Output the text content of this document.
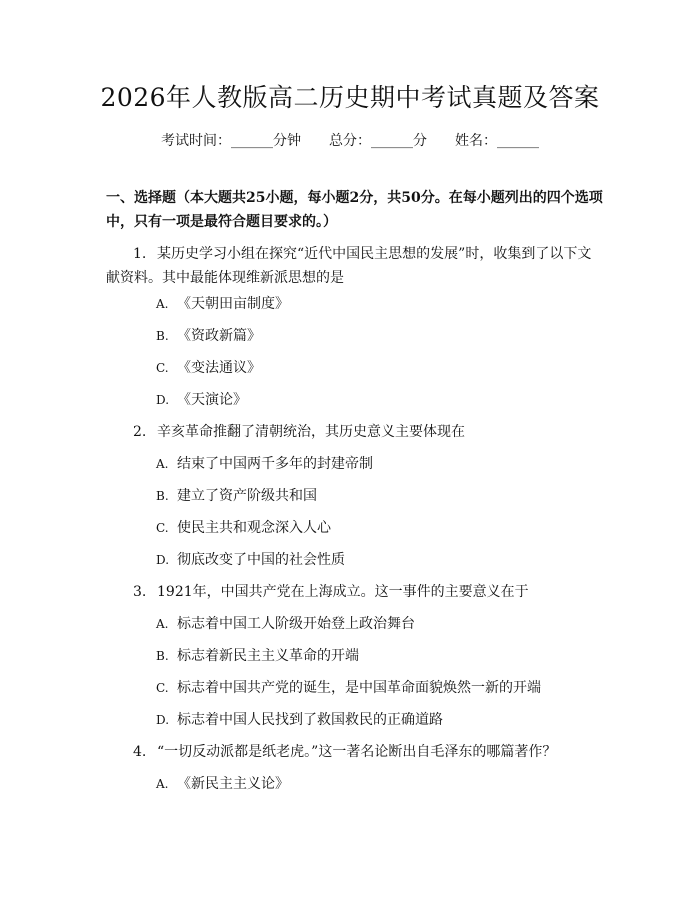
2026年人教版高二历史期中考试真题及答案
考试时间：______分钟 总分：______分 姓名：______
一、选择题（本大题共25小题，每小题2分，共50分。在每小题列出的四个选项中，只有一项是最符合题目要求的。）
1. 某历史学习小组在探究“近代中国民主思想的发展”时，收集到了以下文献资料。其中最能体现维新派思想的是
A. 《天朝田亩制度》
B. 《资政新篇》
C. 《变法通议》
D. 《天演论》
2. 辛亥革命推翻了清朝统治，其历史意义主要体现在
A. 结束了中国两千多年的封建帝制
B. 建立了资产阶级共和国
C. 使民主共和观念深入人心
D. 彻底改变了中国的社会性质
3. 1921年，中国共产党在上海成立。这一事件的主要意义在于
A. 标志着中国工人阶级开始登上政治舞台
B. 标志着新民主主义革命的开端
C. 标志着中国共产党的诞生，是中国革命面貌焕然一新的开端
D. 标志着中国人民找到了救国救民的正确道路
4. “一切反动派都是纸老虎。”这一著名论断出自毛泽东的哪篇著作？
A. 《新民主主义论》
